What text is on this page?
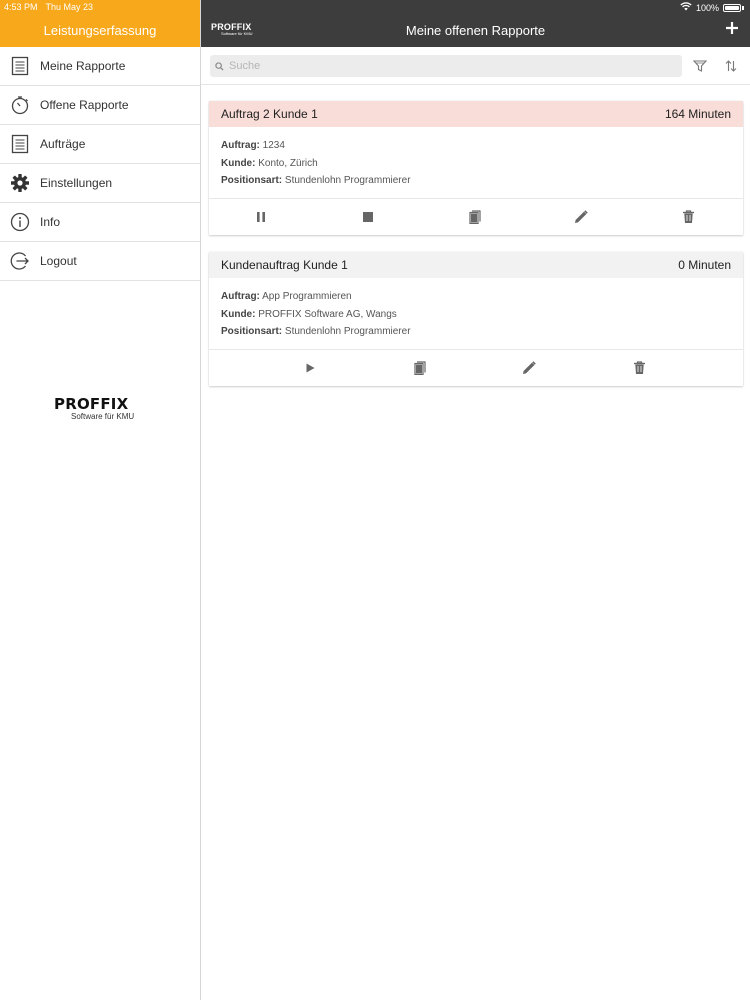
4:53 PM Thu May 23	100%
Leistungserfassung
Meine Rapporte
Offene Rapporte
Aufträge
Einstellungen
Info
Logout
PROFFIX
Software für KMU
PROFFIX
Software für KMU	Meine offenen Rapporte
Suche
Auftrag 2 Kunde 1	164 Minuten
Auftrag: 1234
Kunde: Konto, Zürich
Positionsart: Stundenlohn Programmierer
Kundenauftrag Kunde 1	0 Minuten
Auftrag: App Programmieren
Kunde: PROFFIX Software AG, Wangs
Positionsart: Stundenlohn Programmierer
